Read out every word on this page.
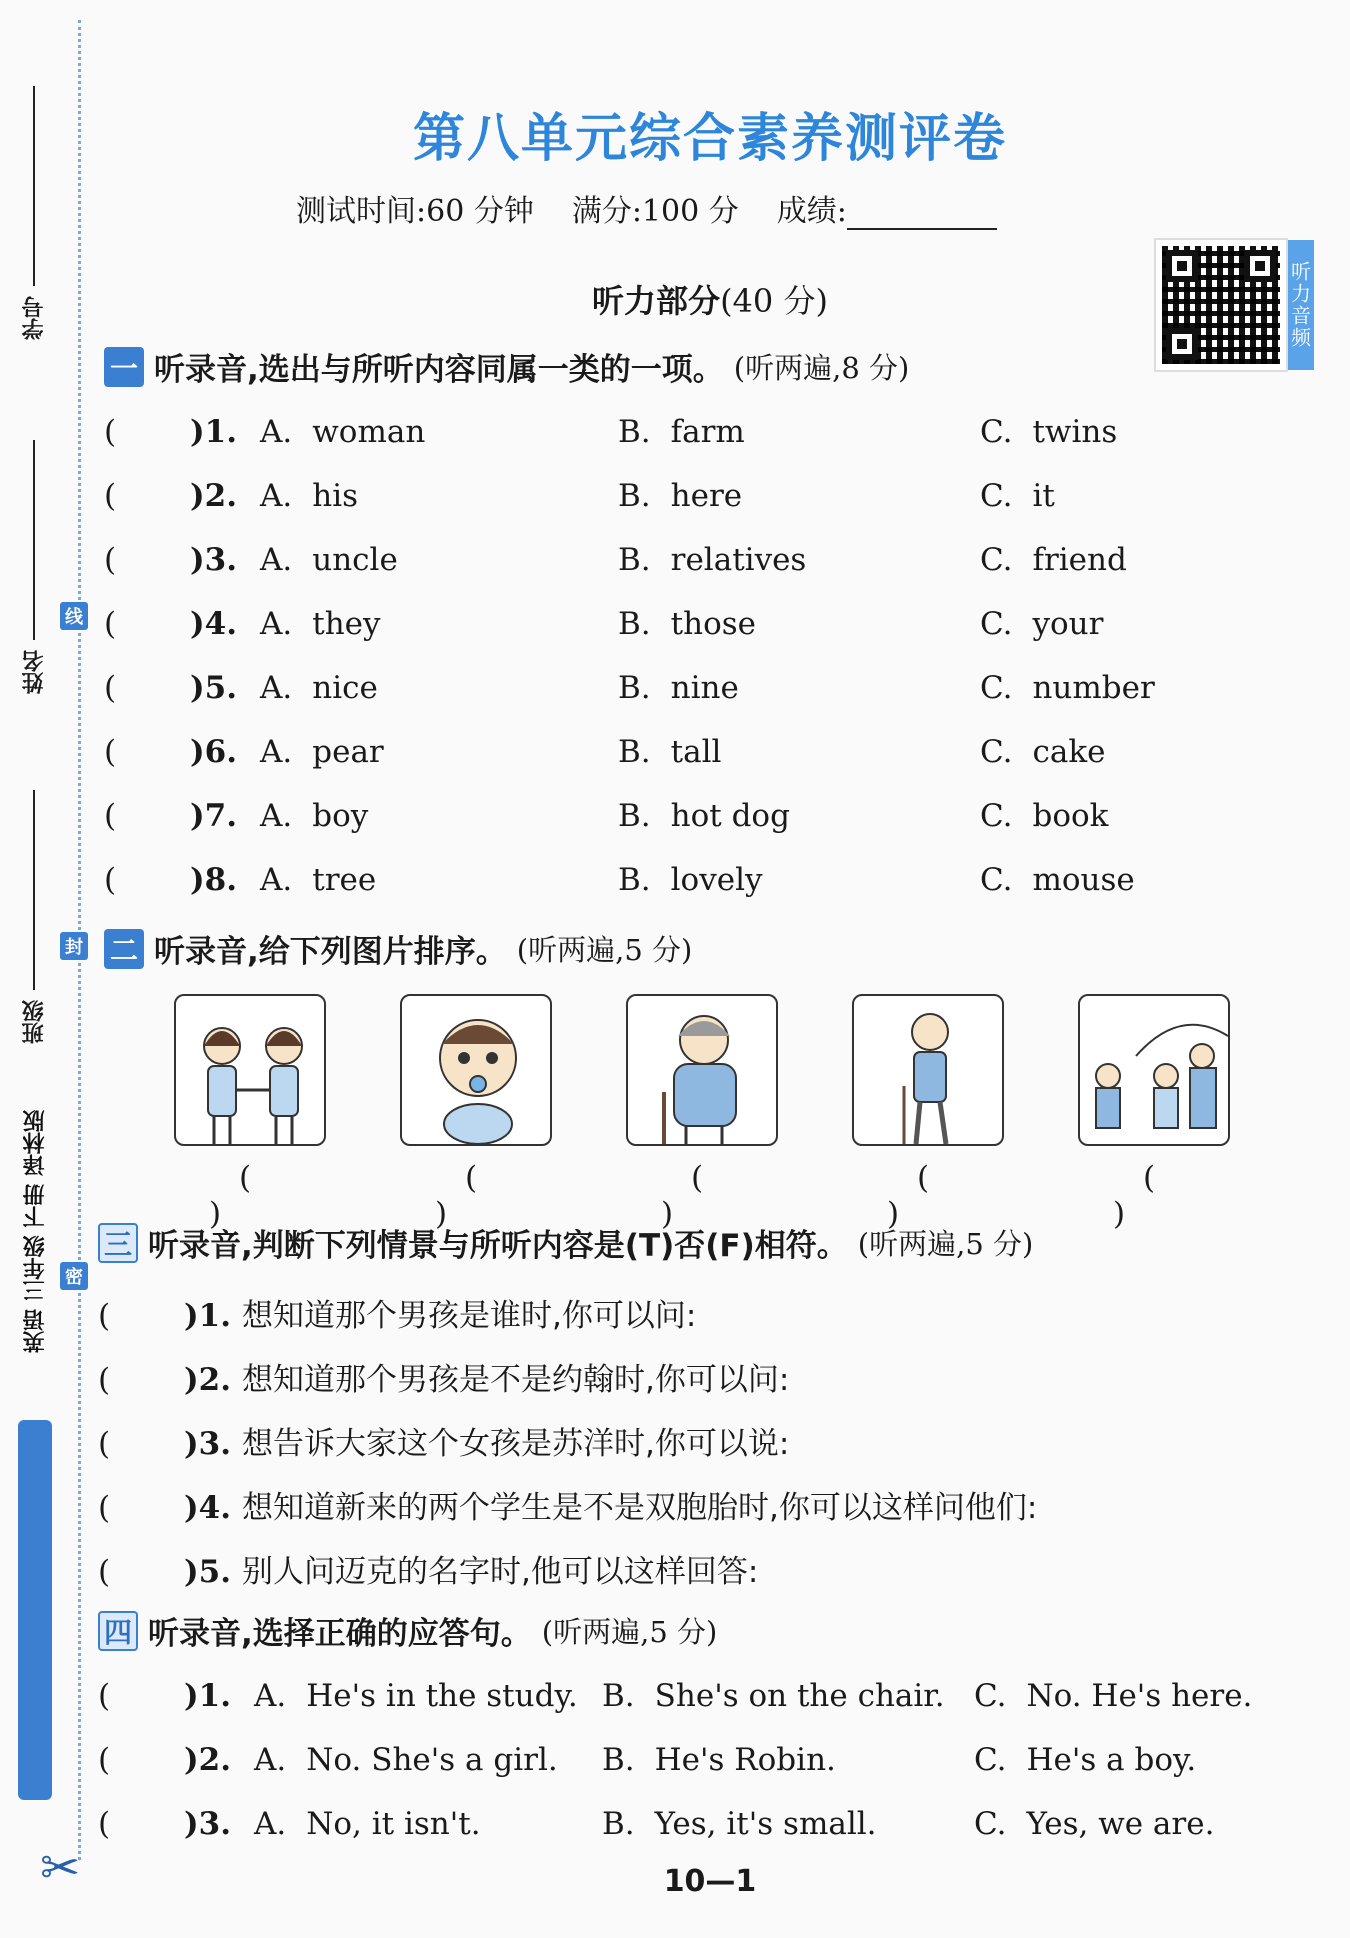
学号
姓名
班级
线
封
密
英语 三年级 下册 译林版
✂
第八单元综合素养测评卷
测试时间:60 分钟 满分:100 分 成绩:
听力音频
听力部分(40 分)
一 听录音,选出与所听内容同属一类的一项。 (听两遍,8 分)
( )1. A. woman	B. farm	C. twins
( )2. A. his	B. here	C. it
( )3. A. uncle	B. relatives	C. friend
( )4. A. they	B. those	C. your
( )5. A. nice	B. nine	C. number
( )6. A. pear	B. tall	C. cake
( )7. A. boy	B. hot dog	C. book
( )8. A. tree	B. lovely	C. mouse
二 听录音,给下列图片排序。 (听两遍,5 分)
( )
( )
( )
( )
( )
三 听录音,判断下列情景与所听内容是(T)否(F)相符。 (听两遍,5 分)
( )1. 想知道那个男孩是谁时,你可以问:
( )2. 想知道那个男孩是不是约翰时,你可以问:
( )3. 想告诉大家这个女孩是苏洋时,你可以说:
( )4. 想知道新来的两个学生是不是双胞胎时,你可以这样问他们:
( )5. 别人问迈克的名字时,他可以这样回答:
四 听录音,选择正确的应答句。 (听两遍,5 分)
( )1. A. He's in the study. B. She's on the chair. C. No. He's here.
( )2. A. No. She's a girl. B. He's Robin.	C. He's a boy.
( )3. A. No, it isn't.	B. Yes, it's small.	C. Yes, we are.
10—1
